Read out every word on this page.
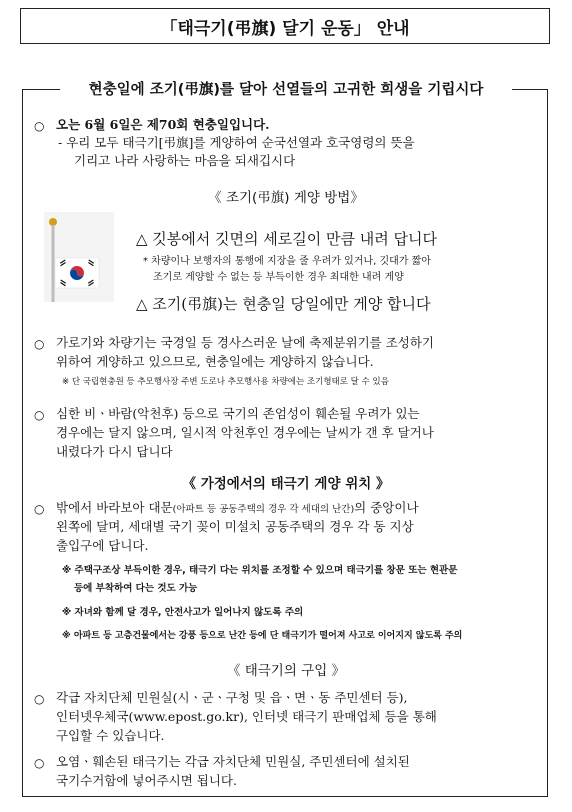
「태극기(弔旗) 달기 운동」 안내
현충일에 조기(弔旗)를 달아 선열들의 고귀한 희생을 기립시다
○ 오는 6월 6일은 제70회 현충일입니다.
- 우리 모두 태극기[弔旗]를 게양하여 순국선열과 호국영령의 뜻을
기리고 나라 사랑하는 마음을 되새깁시다
《 조기(弔旗) 게양 방법》
△ 깃봉에서 깃면의 세로길이 만큼 내려 답니다
* 차량이나 보행자의 통행에 지장을 줄 우려가 있거나, 깃대가 짧아
조기로 게양할 수 없는 등 부득이한 경우 최대한 내려 게양
△ 조기(弔旗)는 현충일 당일에만 게양 합니다
○ 가로기와 차량기는 국경일 등 경사스러운 날에 축제분위기를 조성하기
위하여 게양하고 있으므로, 현충일에는 게양하지 않습니다.
※ 단 국립현충원 등 추모행사장 주변 도로나 추모행사용 차량에는 조기형태로 달 수 있음
○ 심한 비ㆍ바람(악천후) 등으로 국기의 존엄성이 훼손될 우려가 있는
경우에는 달지 않으며, 일시적 악천후인 경우에는 날씨가 갠 후 달거나
내렸다가 다시 답니다
《 가정에서의 태극기 게양 위치 》
○ 밖에서 바라보아 대문(아파트 등 공동주택의 경우 각 세대의 난간)의 중앙이나
왼쪽에 달며, 세대별 국기 꽂이 미설치 공동주택의 경우 각 동 지상
출입구에 답니다.
※ 주택구조상 부득이한 경우, 태극기 다는 위치를 조정할 수 있으며 태극기를 창문 또는 현관문
등에 부착하여 다는 것도 가능
※ 자녀와 함께 달 경우, 안전사고가 일어나지 않도록 주의
※ 아파트 등 고층건물에서는 강풍 등으로 난간 등에 단 태극기가 떨어져 사고로 이어지지 않도록 주의
《 태극기의 구입 》
○ 각급 자치단체 민원실(시ㆍ군ㆍ구청 및 읍ㆍ면ㆍ동 주민센터 등),
인터넷우체국(www.epost.go.kr), 인터넷 태극기 판매업체 등을 통해
구입할 수 있습니다.
○ 오염ㆍ훼손된 태극기는 각급 자치단체 민원실, 주민센터에 설치된
국기수거함에 넣어주시면 됩니다.
